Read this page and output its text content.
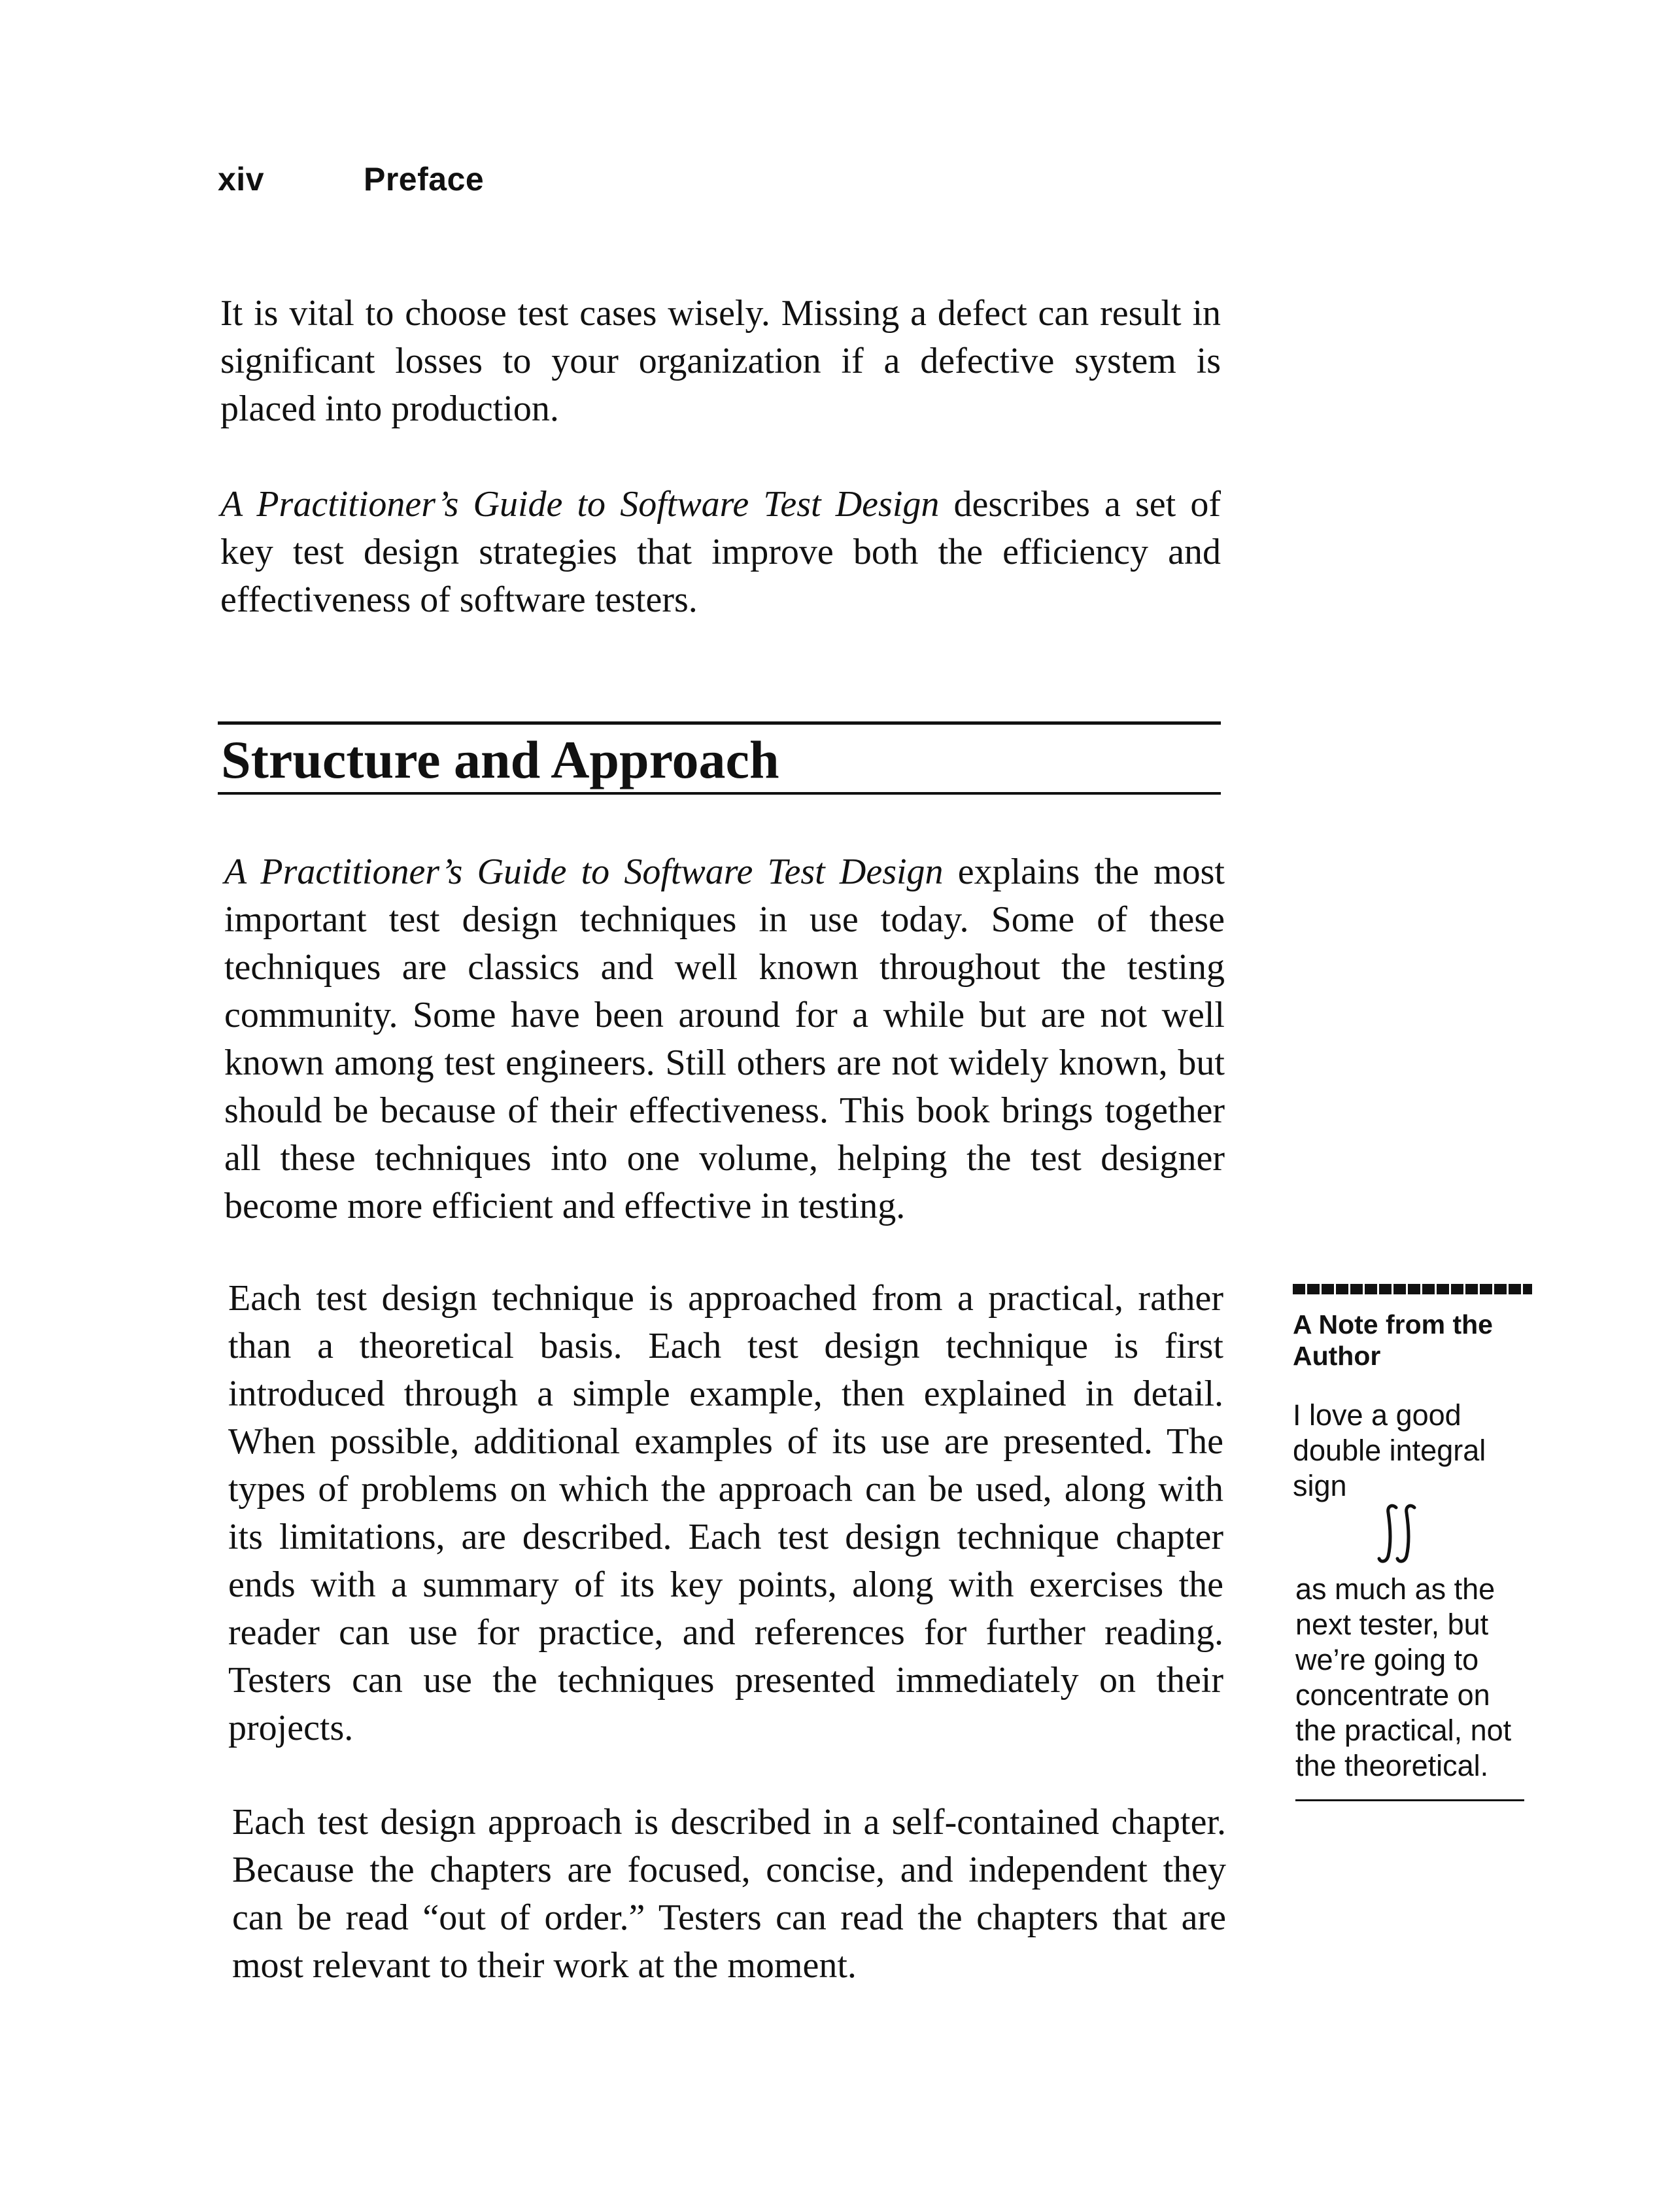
xiv	Preface

It is vital to choose test cases wisely. Missing a defect can result in significant losses to your organization if a defective system is placed into production.

A Practitioner’s Guide to Software Test Design describes a set of key test design strategies that improve both the efficiency and effectiveness of software testers.

Structure and Approach

A Practitioner’s Guide to Software Test Design explains the most important test design techniques in use today. Some of these techniques are classics and well known throughout the testing community. Some have been around for a while but are not well known among test engineers. Still others are not widely known, but should be because of their effectiveness. This book brings together all these techniques into one volume, helping the test designer become more efficient and effective in testing.

Each test design technique is approached from a practical, rather than a theoretical basis. Each test design technique is first introduced through a simple example, then explained in detail. When possible, additional examples of its use are presented. The types of problems on which the approach can be used, along with its limitations, are described. Each test design technique chapter ends with a summary of its key points, along with exercises the reader can use for practice, and references for further reading. Testers can use the techniques presented immediately on their projects.

Each test design approach is described in a self-contained chapter. Because the chapters are focused, concise, and independent they can be read “out of order.” Testers can read the chapters that are most relevant to their work at the moment.

A Note from the Author

I love a good double integral sign

as much as the next tester, but we’re going to concentrate on the practical, not the theoretical.
